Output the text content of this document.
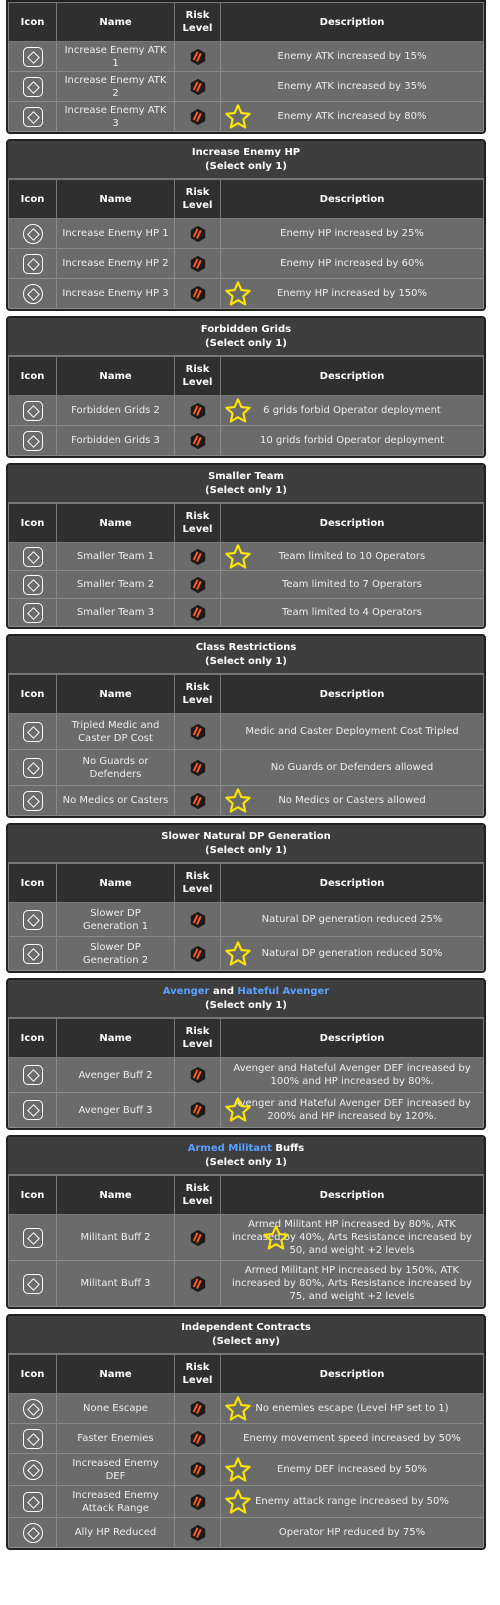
Icon	Name	Risk
Level	Description
	Increase Enemy ATK 1		Enemy ATK increased by 15%
	Increase Enemy ATK 2		Enemy ATK increased by 35%
	Increase Enemy ATK 3		Enemy ATK increased by 80%
Increase Enemy HP
(Select only 1)
Icon	Name	Risk
Level	Description
	Increase Enemy HP 1		Enemy HP increased by 25%
	Increase Enemy HP 2		Enemy HP increased by 60%
	Increase Enemy HP 3		Enemy HP increased by 150%
Forbidden Grids
(Select only 1)
Icon	Name	Risk
Level	Description
	Forbidden Grids 2		6 grids forbid Operator deployment

	Forbidden Grids 3		10 grids forbid Operator deployment
Smaller Team
(Select only 1)
Icon	Name	Risk
Level	Description
	Smaller Team 1		Team limited to 10 Operators

	Smaller Team 2		Team limited to 7 Operators
	Smaller Team 3		Team limited to 4 Operators
Class Restrictions
(Select only 1)
Icon	Name	Risk
Level	Description
	Tripled Medic and Caster DP Cost		Medic and Caster Deployment Cost Tripled
	No Guards or Defenders		No Guards or Defenders allowed
	No Medics or Casters		No Medics or Casters allowed
Slower Natural DP Generation
(Select only 1)
Icon	Name	Risk
Level	Description
	Slower DP Generation 1		Natural DP generation reduced 25%
	Slower DP Generation 2		Natural DP generation reduced 50%
Avenger and Hateful Avenger
(Select only 1)
Icon	Name	Risk
Level	Description
	Avenger Buff 2		Avenger and Hateful Avenger DEF increased by 100% and HP increased by 80%.
	Avenger Buff 3		Avenger and Hateful Avenger DEF increased by 200% and HP increased by 120%.
Armed Militant Buffs
(Select only 1)
Icon	Name	Risk
Level	Description
	Militant Buff 2		Armed Militant HP increased by 80%, ATK increased by 40%, Arts Resistance increased by 50, and weight +2 levels

	Militant Buff 3		Armed Militant HP increased by 150%, ATK increased by 80%, Arts Resistance increased by 75, and weight +2 levels
Independent Contracts
(Select any)
Icon	Name	Risk
Level	Description
	None Escape		No enemies escape (Level HP set to 1)

	Faster Enemies		Enemy movement speed increased by 50%
	Increased Enemy DEF		Enemy DEF increased by 50%

	Increased Enemy Attack Range		Enemy attack range increased by 50%

	Ally HP Reduced		Operator HP reduced by 75%
